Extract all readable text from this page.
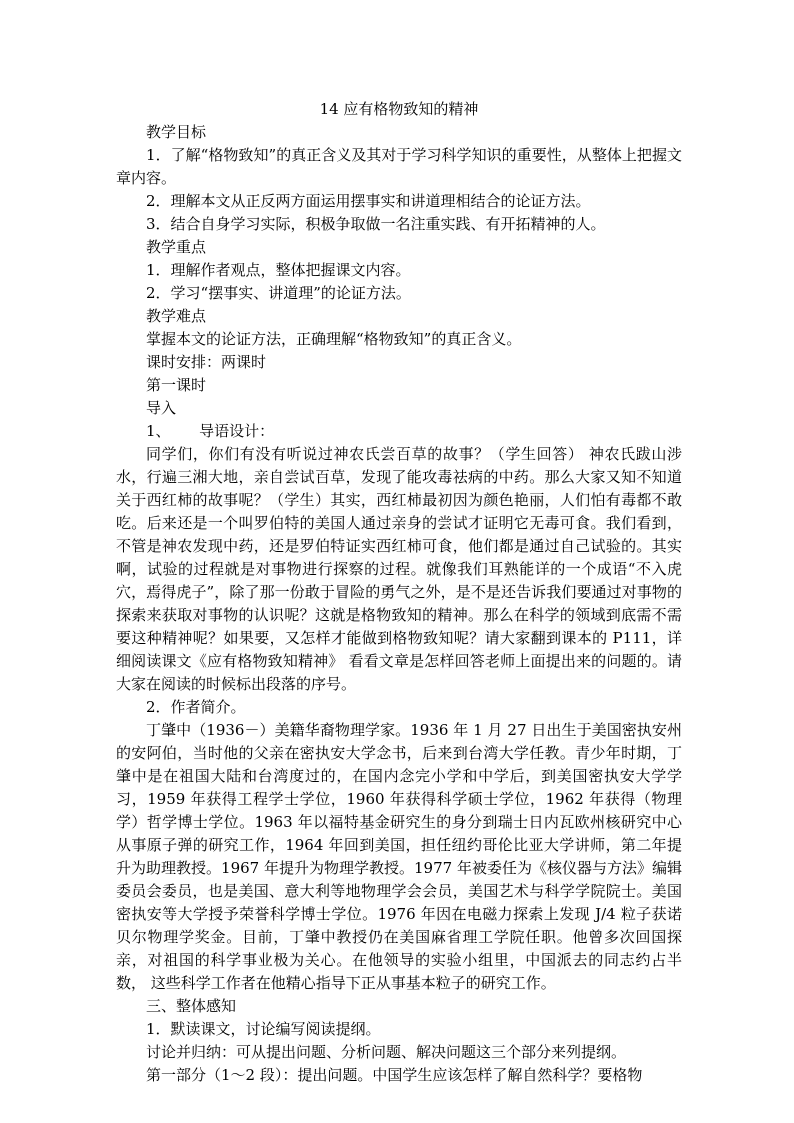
14 应有格物致知的精神

教学目标

1．了解“格物致知”的真正含义及其对于学习科学知识的重要性，从整体上把握文章内容。

2．理解本文从正反两方面运用摆事实和讲道理相结合的论证方法。

3．结合自身学习实际，积极争取做一名注重实践、有开拓精神的人。

教学重点

1．理解作者观点，整体把握课文内容。

2．学习“摆事实、讲道理”的论证方法。

教学难点

掌握本文的论证方法，正确理解“格物致知”的真正含义。

课时安排：两课时

第一课时

导入

1、      导语设计：

同学们，你们有没有听说过神农氏尝百草的故事？（学生回答） 神农氏跋山涉水，行遍三湘大地，亲自尝试百草，发现了能攻毒祛病的中药。那么大家又知不知道关于西红柿的故事呢？（学生）其实，西红柿最初因为颜色艳丽，人们怕有毒都不敢吃。后来还是一个叫罗伯特的美国人通过亲身的尝试才证明它无毒可食。我们看到，不管是神农发现中药，还是罗伯特证实西红柿可食，他们都是通过自己试验的。其实啊，试验的过程就是对事物进行探察的过程。就像我们耳熟能详的一个成语“不入虎穴，焉得虎子”，除了那一份敢于冒险的勇气之外，是不是还告诉我们要通过对事物的探索来获取对事物的认识呢？这就是格物致知的精神。那么在科学的领域到底需不需要这种精神呢？如果要，又怎样才能做到格物致知呢？请大家翻到课本的 P111，详细阅读课文《应有格物致知精神》 看看文章是怎样回答老师上面提出来的问题的。请大家在阅读的时候标出段落的序号。

2．作者简介。

丁肇中（1936－）美籍华裔物理学家。1936 年 1 月 27 日出生于美国密执安州的安阿伯，当时他的父亲在密执安大学念书，后来到台湾大学任教。青少年时期，丁肇中是在祖国大陆和台湾度过的，在国内念完小学和中学后，到美国密执安大学学习，1959 年获得工程学士学位，1960 年获得科学硕士学位，1962 年获得（物理学）哲学博士学位。1963 年以福特基金研究生的身分到瑞士日内瓦欧州核研究中心从事原子弹的研究工作，1964 年回到美国，担任纽约哥伦比亚大学讲师，第二年提升为助理教授。1967 年提升为物理学教授。1977 年被委任为《核仪器与方法》编辑委员会委员，也是美国、意大利等地物理学会会员，美国艺术与科学学院院士。美国密执安等大学授予荣誉科学博士学位。1976 年因在电磁力探索上发现 J/4 粒子获诺贝尔物理学奖金。目前，丁肇中教授仍在美国麻省理工学院任职。他曾多次回国探亲，对祖国的科学事业极为关心。在他领导的实验小组里，中国派去的同志约占半数， 这些科学工作者在他精心指导下正从事基本粒子的研究工作。

三、整体感知

1．默读课文，讨论编写阅读提纲。

讨论并归纳：可从提出问题、分析问题、解决问题这三个部分来列提纲。

第一部分（1～2 段）：提出问题。中国学生应该怎样了解自然科学？要格物
